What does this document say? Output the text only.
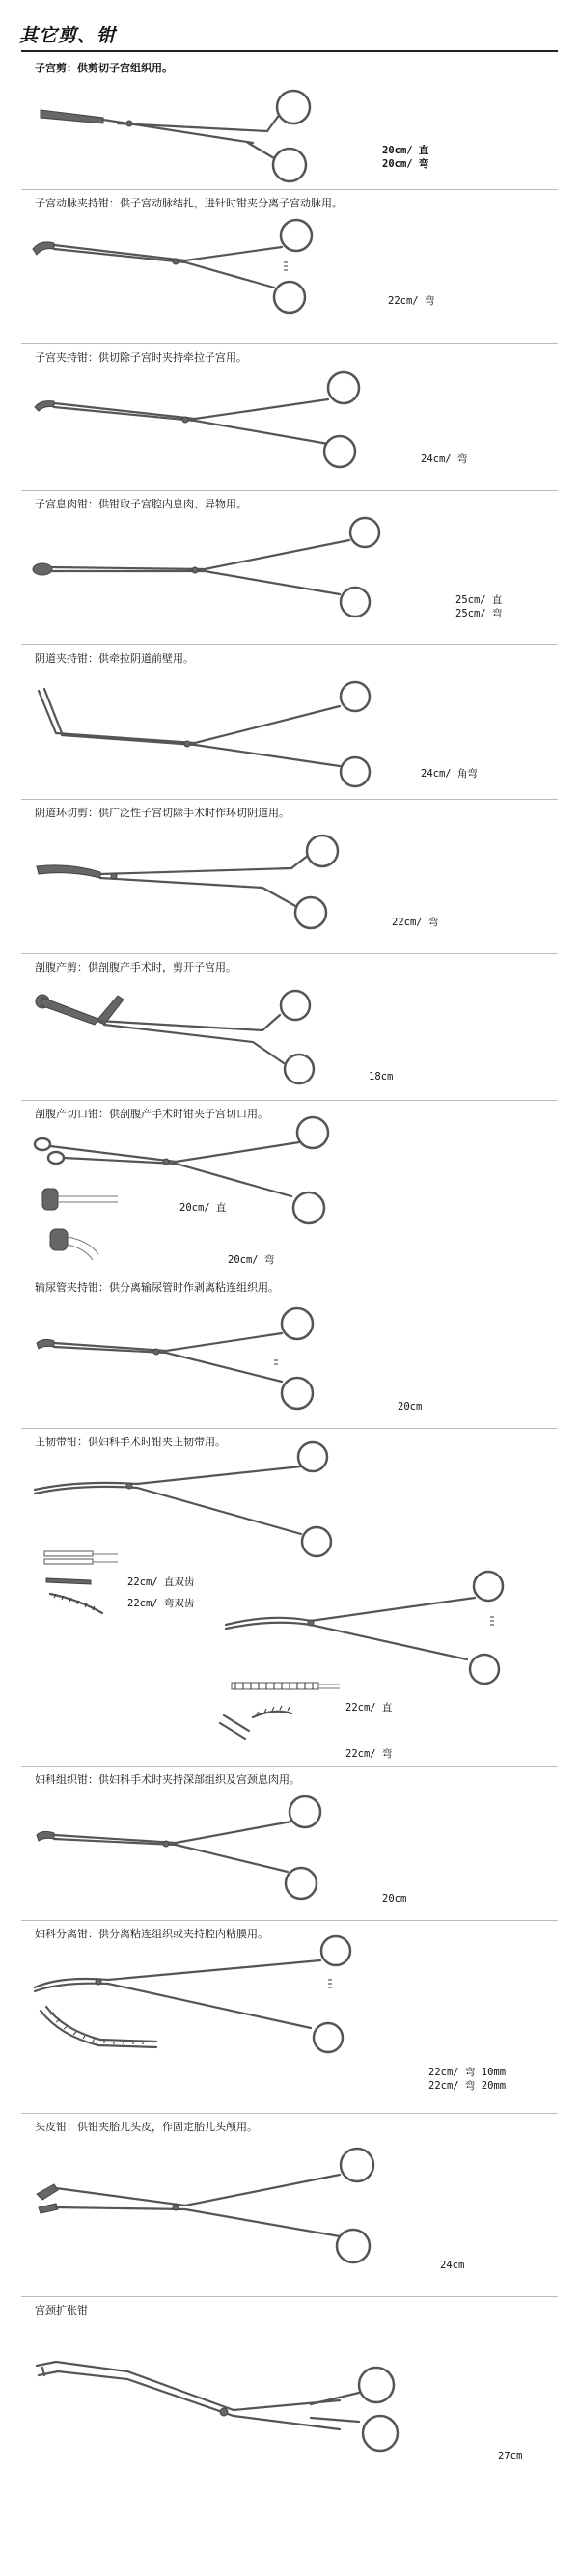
其它剪、钳
子宫剪：供剪切子宫组织用。
20cm/ 直
20cm/ 弯
子宫动脉夹持钳：供子宫动脉结扎，进针时钳夹分离子宫动脉用。
22cm/ 弯
子宫夹持钳：供切除子宫时夹持牵拉子宫用。
24cm/ 弯
子宫息肉钳：供钳取子宫腔内息肉、异物用。
25cm/ 直
25cm/ 弯
阴道夹持钳：供牵拉阴道前壁用。
24cm/ 角弯
阴道环切剪：供广泛性子宫切除手术时作环切阴道用。
22cm/ 弯
剖腹产剪：供剖腹产手术时，剪开子宫用。
18cm
剖腹产切口钳：供剖腹产手术时钳夹子宫切口用。
20cm/ 直
20cm/ 弯
输尿管夹持钳：供分离输尿管时作剥离粘连组织用。
20cm
主韧带钳：供妇科手术时钳夹主韧带用。
22cm/ 直双齿
22cm/ 弯双齿
22cm/ 直
22cm/ 弯
妇科组织钳：供妇科手术时夹持深部组织及宫颈息肉用。
20cm
妇科分离钳：供分离粘连组织或夹持腔内粘膜用。
22cm/ 弯 10mm
22cm/ 弯 20mm
头皮钳：供钳夹胎儿头皮，作固定胎儿头颅用。
24cm
宫颈扩张钳
27cm
